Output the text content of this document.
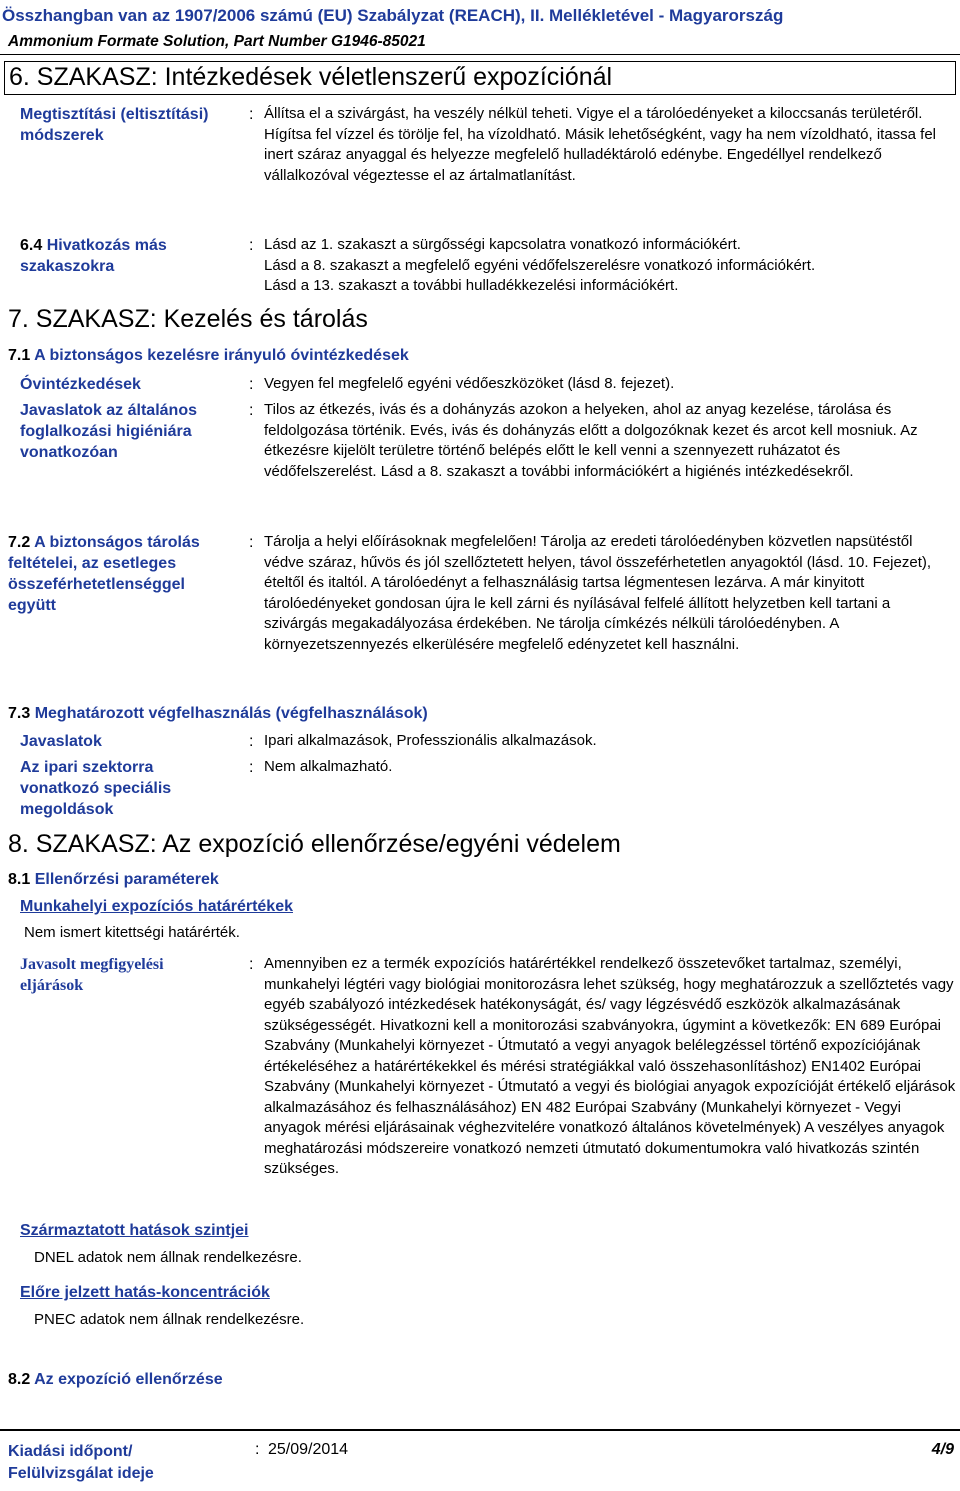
Összhangban van az 1907/2006 számú (EU) Szabályzat (REACH), II. Mellékletével - Magyarország
Ammonium Formate Solution, Part Number G1946-85021
6. SZAKASZ: Intézkedések véletlenszerű expozíciónál
Megtisztítási (eltisztítási) módszerek
: Állítsa el a szivárgást, ha veszély nélkül teheti. Vigye el a tárolóedényeket a kiloccsanás területéről. Hígítsa fel vízzel és törölje fel, ha vízoldható. Másik lehetőségként, vagy ha nem vízoldható, itassa fel inert száraz anyaggal és helyezze megfelelő hulladéktároló edénybe. Engedéllyel rendelkező vállalkozóval végeztesse el az ártalmatlanítást.
6.4 Hivatkozás más szakaszokra
: Lásd az 1. szakaszt a sürgősségi kapcsolatra vonatkozó információkért.
Lásd a 8. szakaszt a megfelelő egyéni védőfelszerelésre vonatkozó információkért.
Lásd a 13. szakaszt a további hulladékkezelési információkért.
7. SZAKASZ: Kezelés és tárolás
7.1 A biztonságos kezelésre irányuló óvintézkedések
Óvintézkedések	: Vegyen fel megfelelő egyéni védőeszközöket (lásd 8. fejezet).
Javaslatok az általános foglalkozási higiéniára vonatkozóan
: Tilos az étkezés, ivás és a dohányzás azokon a helyeken, ahol az anyag kezelése, tárolása és feldolgozása történik. Evés, ivás és dohányzás előtt a dolgozóknak kezet és arcot kell mosniuk. Az étkezésre kijelölt területre történő belépés előtt le kell venni a szennyezett ruházatot és védőfelszerelést. Lásd a 8. szakaszt a további információkért a higiénés intézkedésekről.
7.2 A biztonságos tárolás feltételei, az esetleges összeférhetetlenséggel együtt
: Tárolja a helyi előírásoknak megfelelően! Tárolja az eredeti tárolóedényben közvetlen napsütéstől védve száraz, hűvös és jól szellőztetett helyen, távol összeférhetetlen anyagoktól (lásd. 10. Fejezet), ételtől és italtól. A tárolóedényt a felhasználásig tartsa légmentesen lezárva. A már kinyitott tárolóedényeket gondosan újra le kell zárni és nyílásával felfelé állított helyzetben kell tartani a szivárgás megakadályozása érdekében. Ne tárolja címkézés nélküli tárolóedényben. A környezetszennyezés elkerülésére megfelelő edényzetet kell használni.
7.3 Meghatározott végfelhasználás (végfelhasználások)
Javaslatok	: Ipari alkalmazások, Professzionális alkalmazások.
Az ipari szektorra vonatkozó speciális megoldások
: Nem alkalmazható.
8. SZAKASZ: Az expozíció ellenőrzése/egyéni védelem
8.1 Ellenőrzési paraméterek
Munkahelyi expozíciós határértékek
Nem ismert kitettségi határérték.
Javasolt megfigyelési eljárások
: Amennyiben ez a termék expozíciós határértékkel rendelkező összetevőket tartalmaz, személyi, munkahelyi légtéri vagy biológiai monitorozásra lehet szükség, hogy meghatározzuk a szellőztetés vagy egyéb szabályozó intézkedések hatékonyságát, és/ vagy légzésvédő eszközök alkalmazásának szükségességét. Hivatkozni kell a monitorozási szabványokra, úgymint a következők: EN 689 Európai Szabvány (Munkahelyi környezet - Útmutató a vegyi anyagok belélegzéssel történő expozíciójának értékeléséhez a határértékekkel és mérési stratégiákkal való összehasonlításhoz) EN1402 Európai Szabvány (Munkahelyi környezet - Útmutató a vegyi és biológiai anyagok expozícióját értékelő eljárások alkalmazásához és felhasználásához) EN 482 Európai Szabvány (Munkahelyi környezet - Vegyi anyagok mérési eljárásainak véghezvitelére vonatkozó általános követelmények) A veszélyes anyagok meghatározási módszereire vonatkozó nemzeti útmutató dokumentumokra való hivatkozás szintén szükséges.
Származtatott hatások szintjei
DNEL adatok nem állnak rendelkezésre.
Előre jelzett hatás-koncentrációk
PNEC adatok nem állnak rendelkezésre.
8.2 Az expozíció ellenőrzése
Kiadási időpont/
Felülvizsgálat ideje
: 25/09/2014	4/9
